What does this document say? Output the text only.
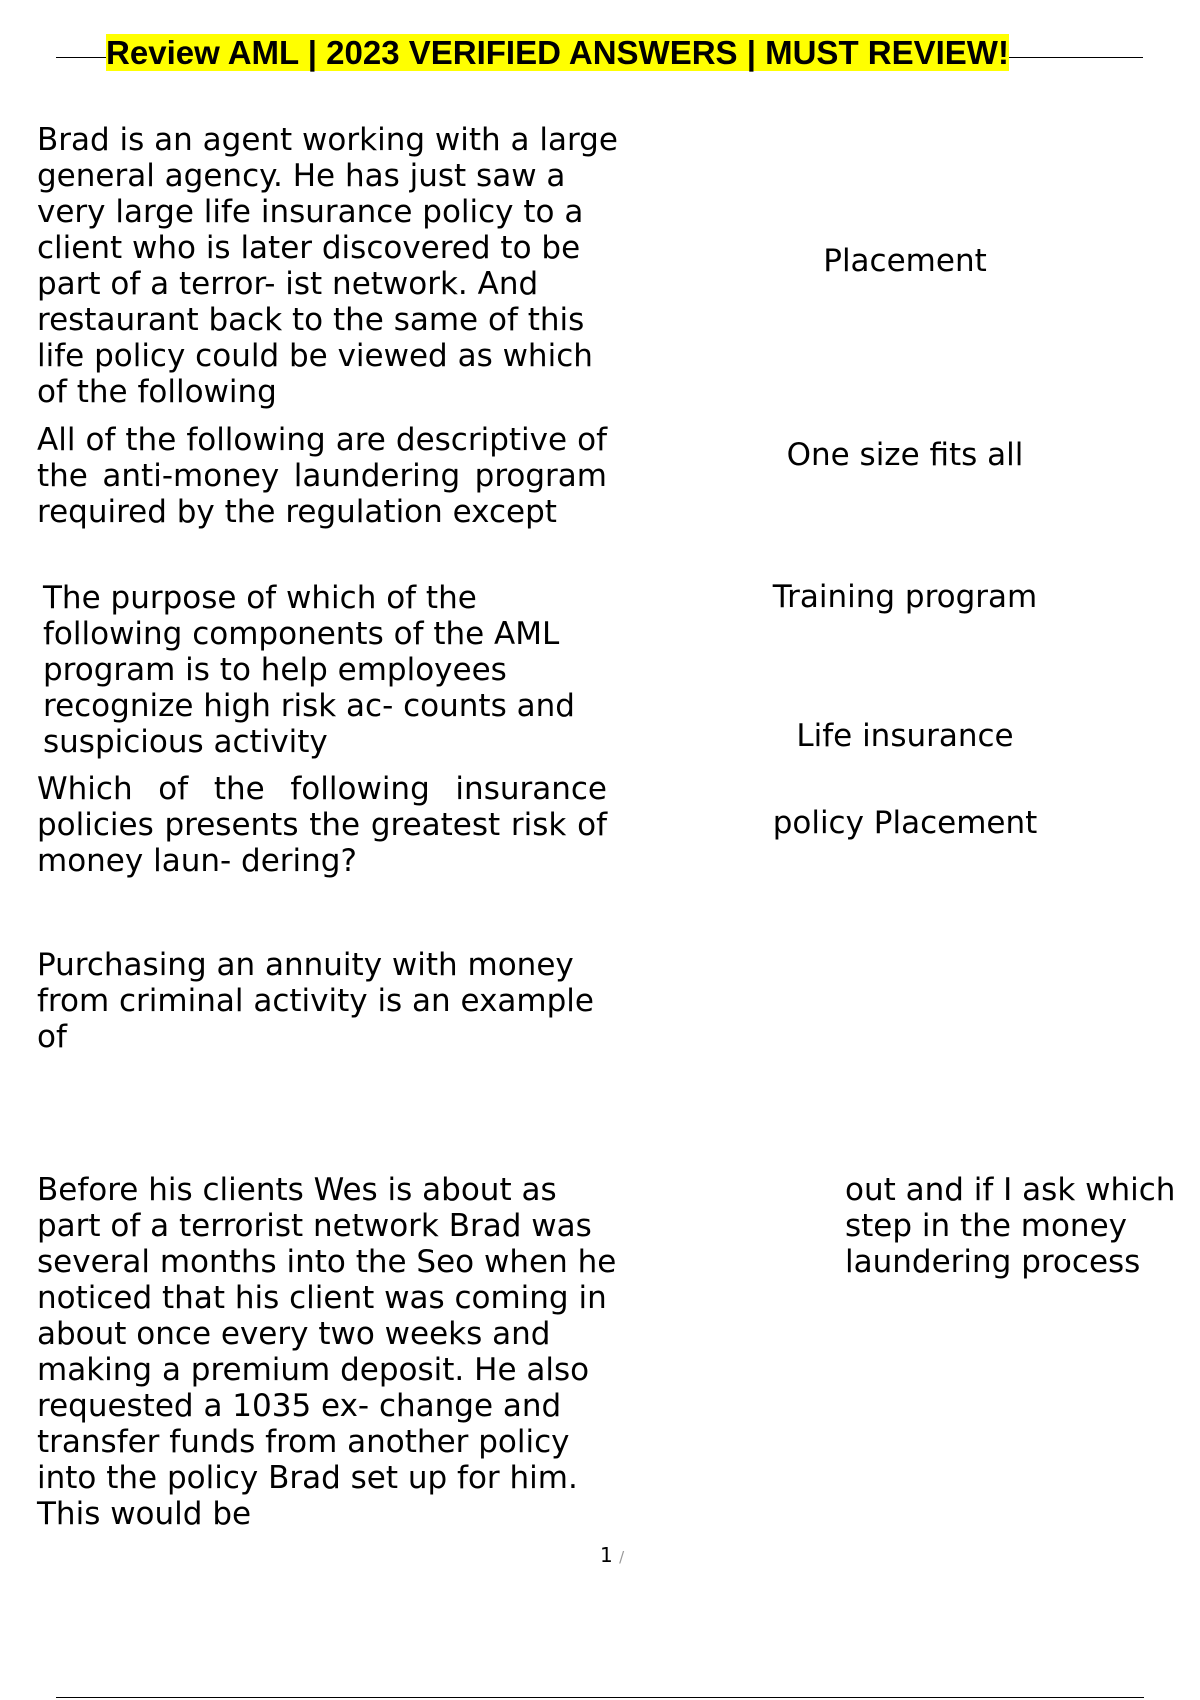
Review AML | 2023 VERIFIED ANSWERS | MUST REVIEW!

Brad is an agent working with a large general agency. He has just saw a very large life insurance policy to a client who is later discovered to be part of a terror- ist network. And restaurant back to the same of this life policy could be viewed as which of the following

Placement

All of the following are descriptive of the anti-money laundering program required by the regulation except

One size fits all

The purpose of which of the following components of the AML program is to help employees recognize high risk ac- counts and suspicious activity

Training program

Life insurance

Which of the following insurance policies presents the greatest risk of money laun- dering?

policy Placement

Purchasing an annuity with money from criminal activity is an example of

Before his clients Wes is about as part of a terrorist network Brad was several months into the Seo when he noticed that his client was coming in about once every two weeks and making a premium deposit. He also requested a 1035 ex- change and transfer funds from another policy into the policy Brad set up for him. This would be

out and if I ask which step in the money laundering process

1 /
